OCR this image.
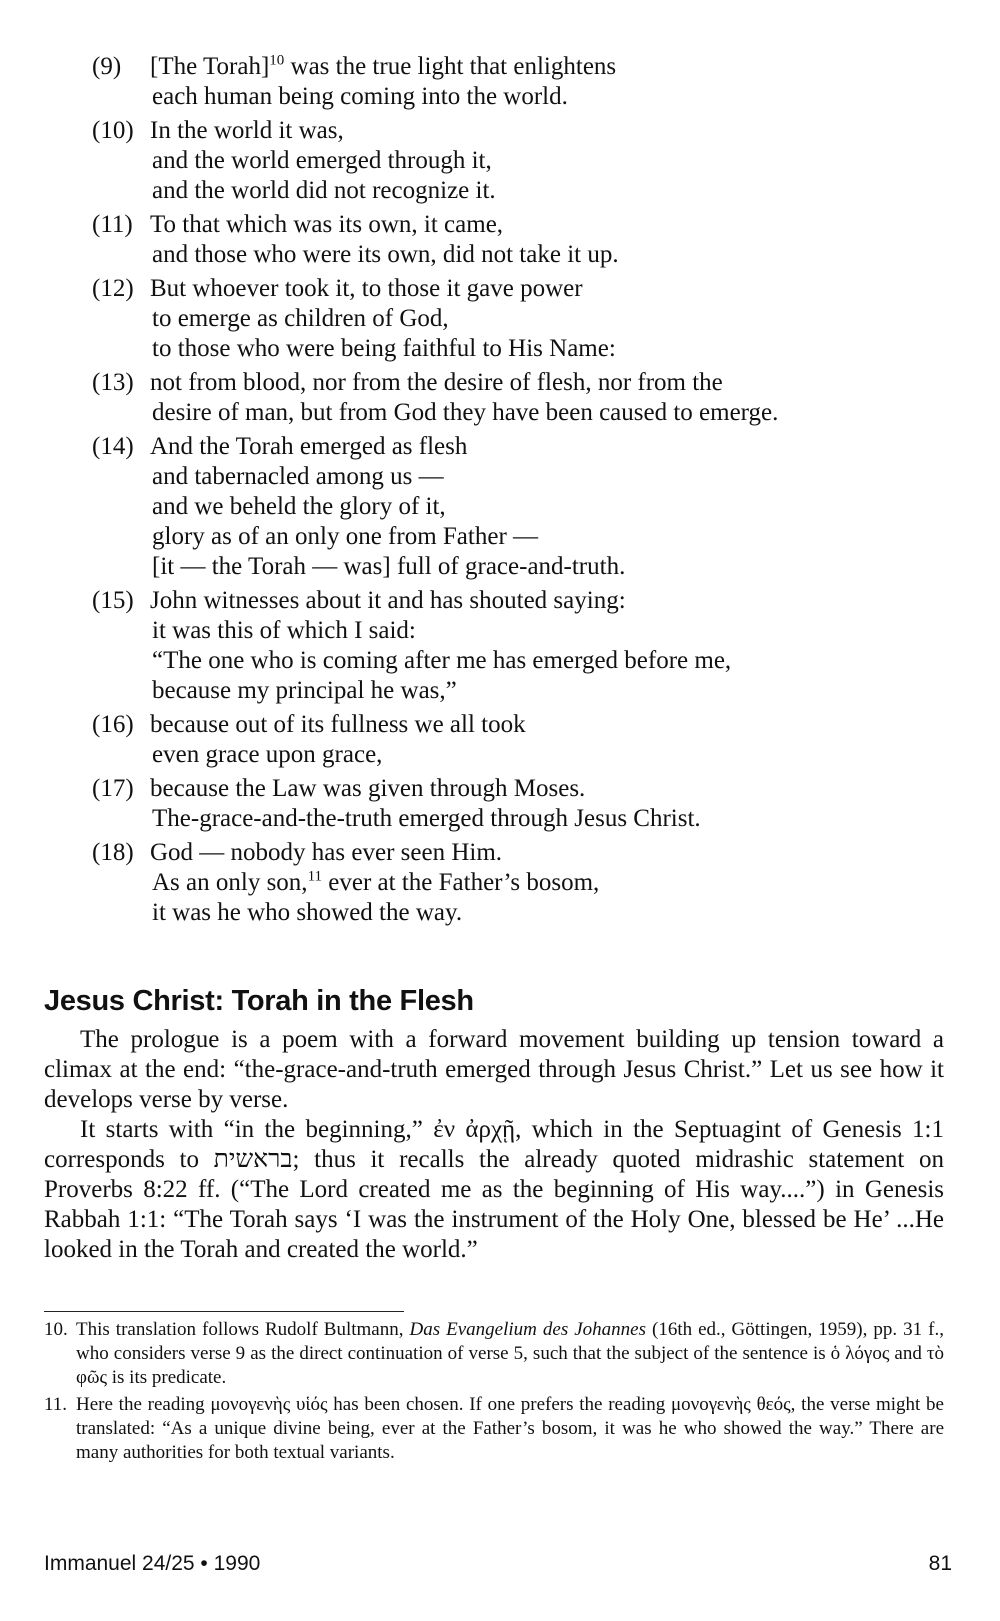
(9) [The Torah]$^{10}$ was the true light that enlightens
each human being coming into the world.
(10) In the world it was,
and the world emerged through it,
and the world did not recognize it.
(11) To that which was its own, it came,
and those who were its own, did not take it up.
(12) But whoever took it, to those it gave power
to emerge as children of God,
to those who were being faithful to His Name:
(13) not from blood, nor from the desire of flesh, nor from the
desire of man, but from God they have been caused to emerge.
(14) And the Torah emerged as flesh
and tabernacled among us —
and we beheld the glory of it,
glory as of an only one from Father —
[it — the Torah — was] full of grace-and-truth.
(15) John witnesses about it and has shouted saying:
it was this of which I said:
“The one who is coming after me has emerged before me,
because my principal he was,”
(16) because out of its fullness we all took
even grace upon grace,
(17) because the Law was given through Moses.
The-grace-and-the-truth emerged through Jesus Christ.
(18) God — nobody has ever seen Him.
As an only son,$^{11}$ ever at the Father’s bosom,
it was he who showed the way.
Jesus Christ: Torah in the Flesh

The prologue is a poem with a forward movement building up tension toward a climax at the end: “the-grace-and-truth emerged through Jesus Christ.” Let us see how it develops verse by verse.

It starts with “in the beginning,” ἐν ἀρχῇ, which in the Septuagint of Genesis 1:1 corresponds to בראשית; thus it recalls the already quoted midrashic statement on Proverbs 8:22 ff. (“The Lord created me as the beginning of His way....”) in Genesis Rabbah 1:1: “The Torah says ‘I was the instrument of the Holy One, blessed be He’ ...He looked in the Torah and created the world.”

10. This translation follows Rudolf Bultmann, Das Evangelium des Johannes (16th ed., Göttingen, 1959), pp. 31 f., who considers verse 9 as the direct continuation of verse 5, such that the subject of the sentence is ὁ λόγος and τὸ φῶς is its predicate.
11. Here the reading μονογενὴς υἱός has been chosen. If one prefers the reading μονογενὴς θεός, the verse might be translated: “As a unique divine being, ever at the Father’s bosom, it was he who showed the way.” There are many authorities for both textual variants.
Immanuel 24/25 • 1990	81
